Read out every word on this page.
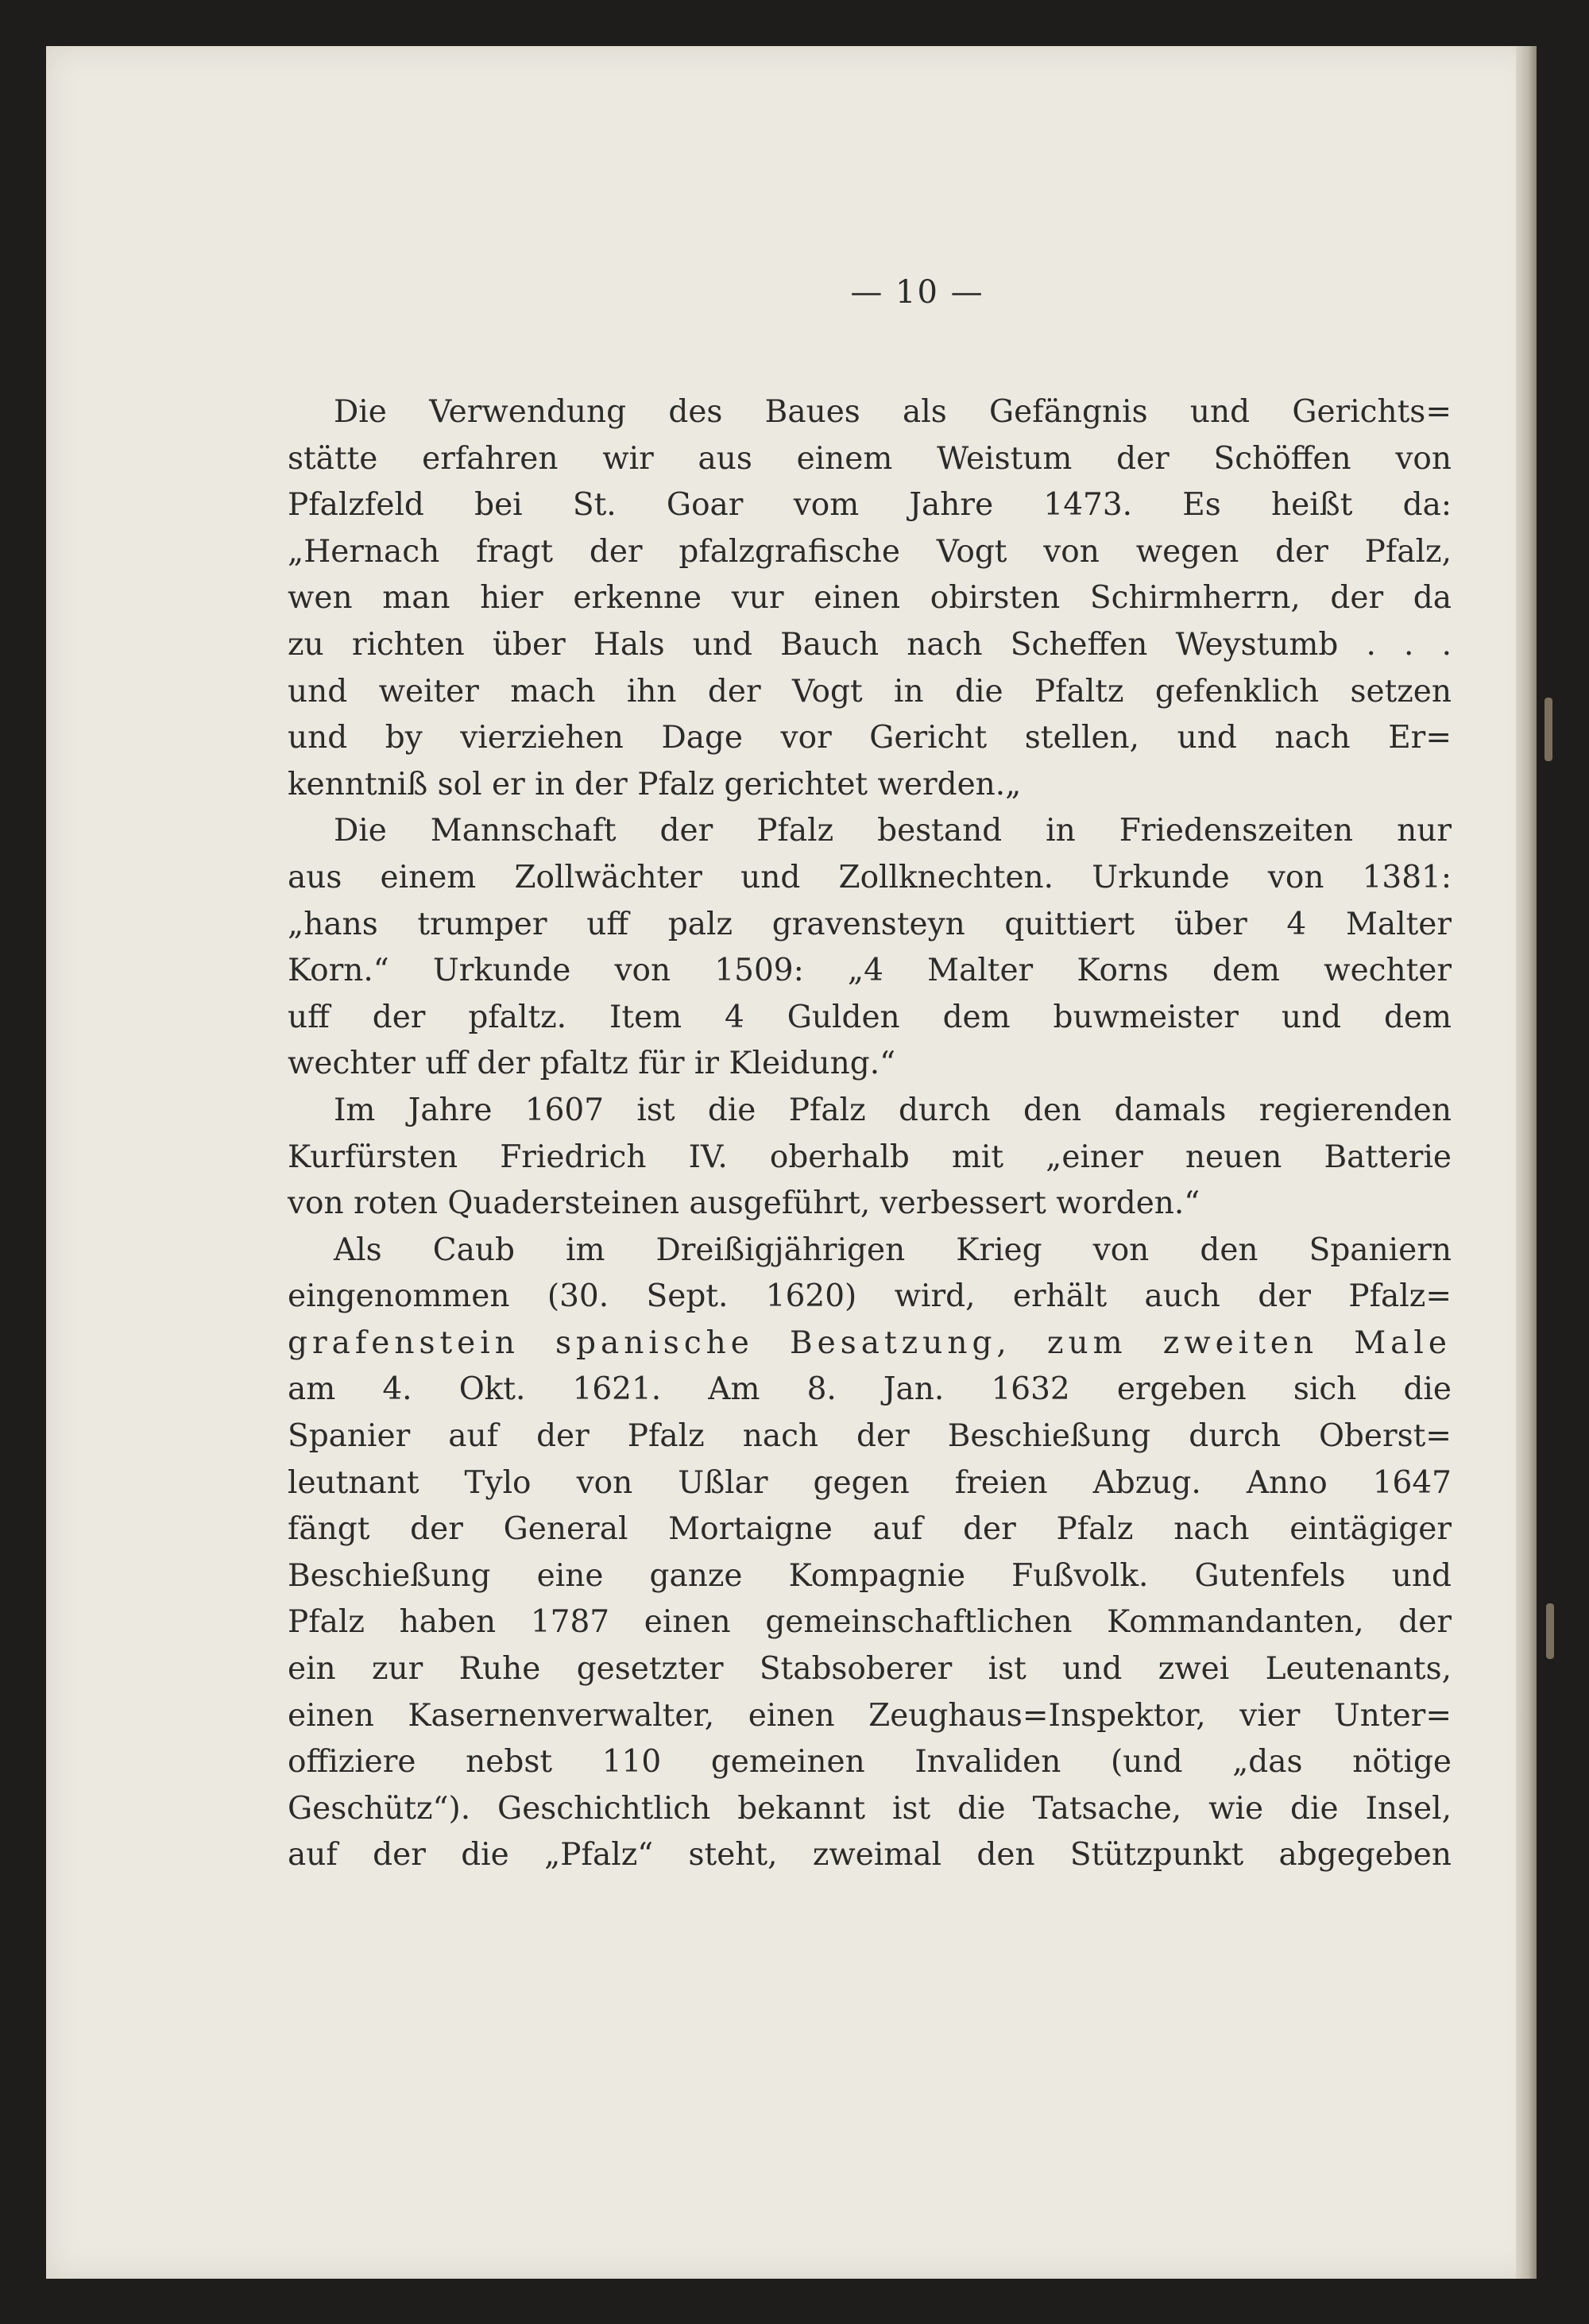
— 10 —
Die Verwendung des Baues als Gefängnis und Gerichts=
stätte erfahren wir aus einem Weistum der Schöffen von
Pfalzfeld bei St. Goar vom Jahre 1473. Es heißt da:
„Hernach fragt der pfalzgrafische Vogt von wegen der Pfalz,
wen man hier erkenne vur einen obirsten Schirmherrn, der da
zu richten über Hals und Bauch nach Scheffen Weystumb . . .
und weiter mach ihn der Vogt in die Pfaltz gefenklich setzen
und by vierziehen Dage vor Gericht stellen, und nach Er=
kenntniß sol er in der Pfalz gerichtet werden.„
Die Mannschaft der Pfalz bestand in Friedenszeiten nur
aus einem Zollwächter und Zollknechten. Urkunde von 1381:
„hans trumper uff palz gravensteyn quittiert über 4 Malter
Korn.“ Urkunde von 1509: „4 Malter Korns dem wechter
uff der pfaltz. Item 4 Gulden dem buwmeister und dem
wechter uff der pfaltz für ir Kleidung.“
Im Jahre 1607 ist die Pfalz durch den damals regierenden
Kurfürsten Friedrich IV. oberhalb mit „einer neuen Batterie
von roten Quadersteinen ausgeführt, verbessert worden.“
Als Caub im Dreißigjährigen Krieg von den Spaniern
eingenommen (30. Sept. 1620) wird, erhält auch der Pfalz=
grafenstein spanische Besatzung, zum zweiten Male
am 4. Okt. 1621. Am 8. Jan. 1632 ergeben sich die
Spanier auf der Pfalz nach der Beschießung durch Oberst=
leutnant Tylo von Ußlar gegen freien Abzug. Anno 1647
fängt der General Mortaigne auf der Pfalz nach eintägiger
Beschießung eine ganze Kompagnie Fußvolk. Gutenfels und
Pfalz haben 1787 einen gemeinschaftlichen Kommandanten, der
ein zur Ruhe gesetzter Stabsoberer ist und zwei Leutenants,
einen Kasernenverwalter, einen Zeughaus=Inspektor, vier Unter=
offiziere nebst 110 gemeinen Invaliden (und „das nötige
Geschütz“). Geschichtlich bekannt ist die Tatsache, wie die Insel,
auf der die „Pfalz“ steht, zweimal den Stützpunkt abgegeben
